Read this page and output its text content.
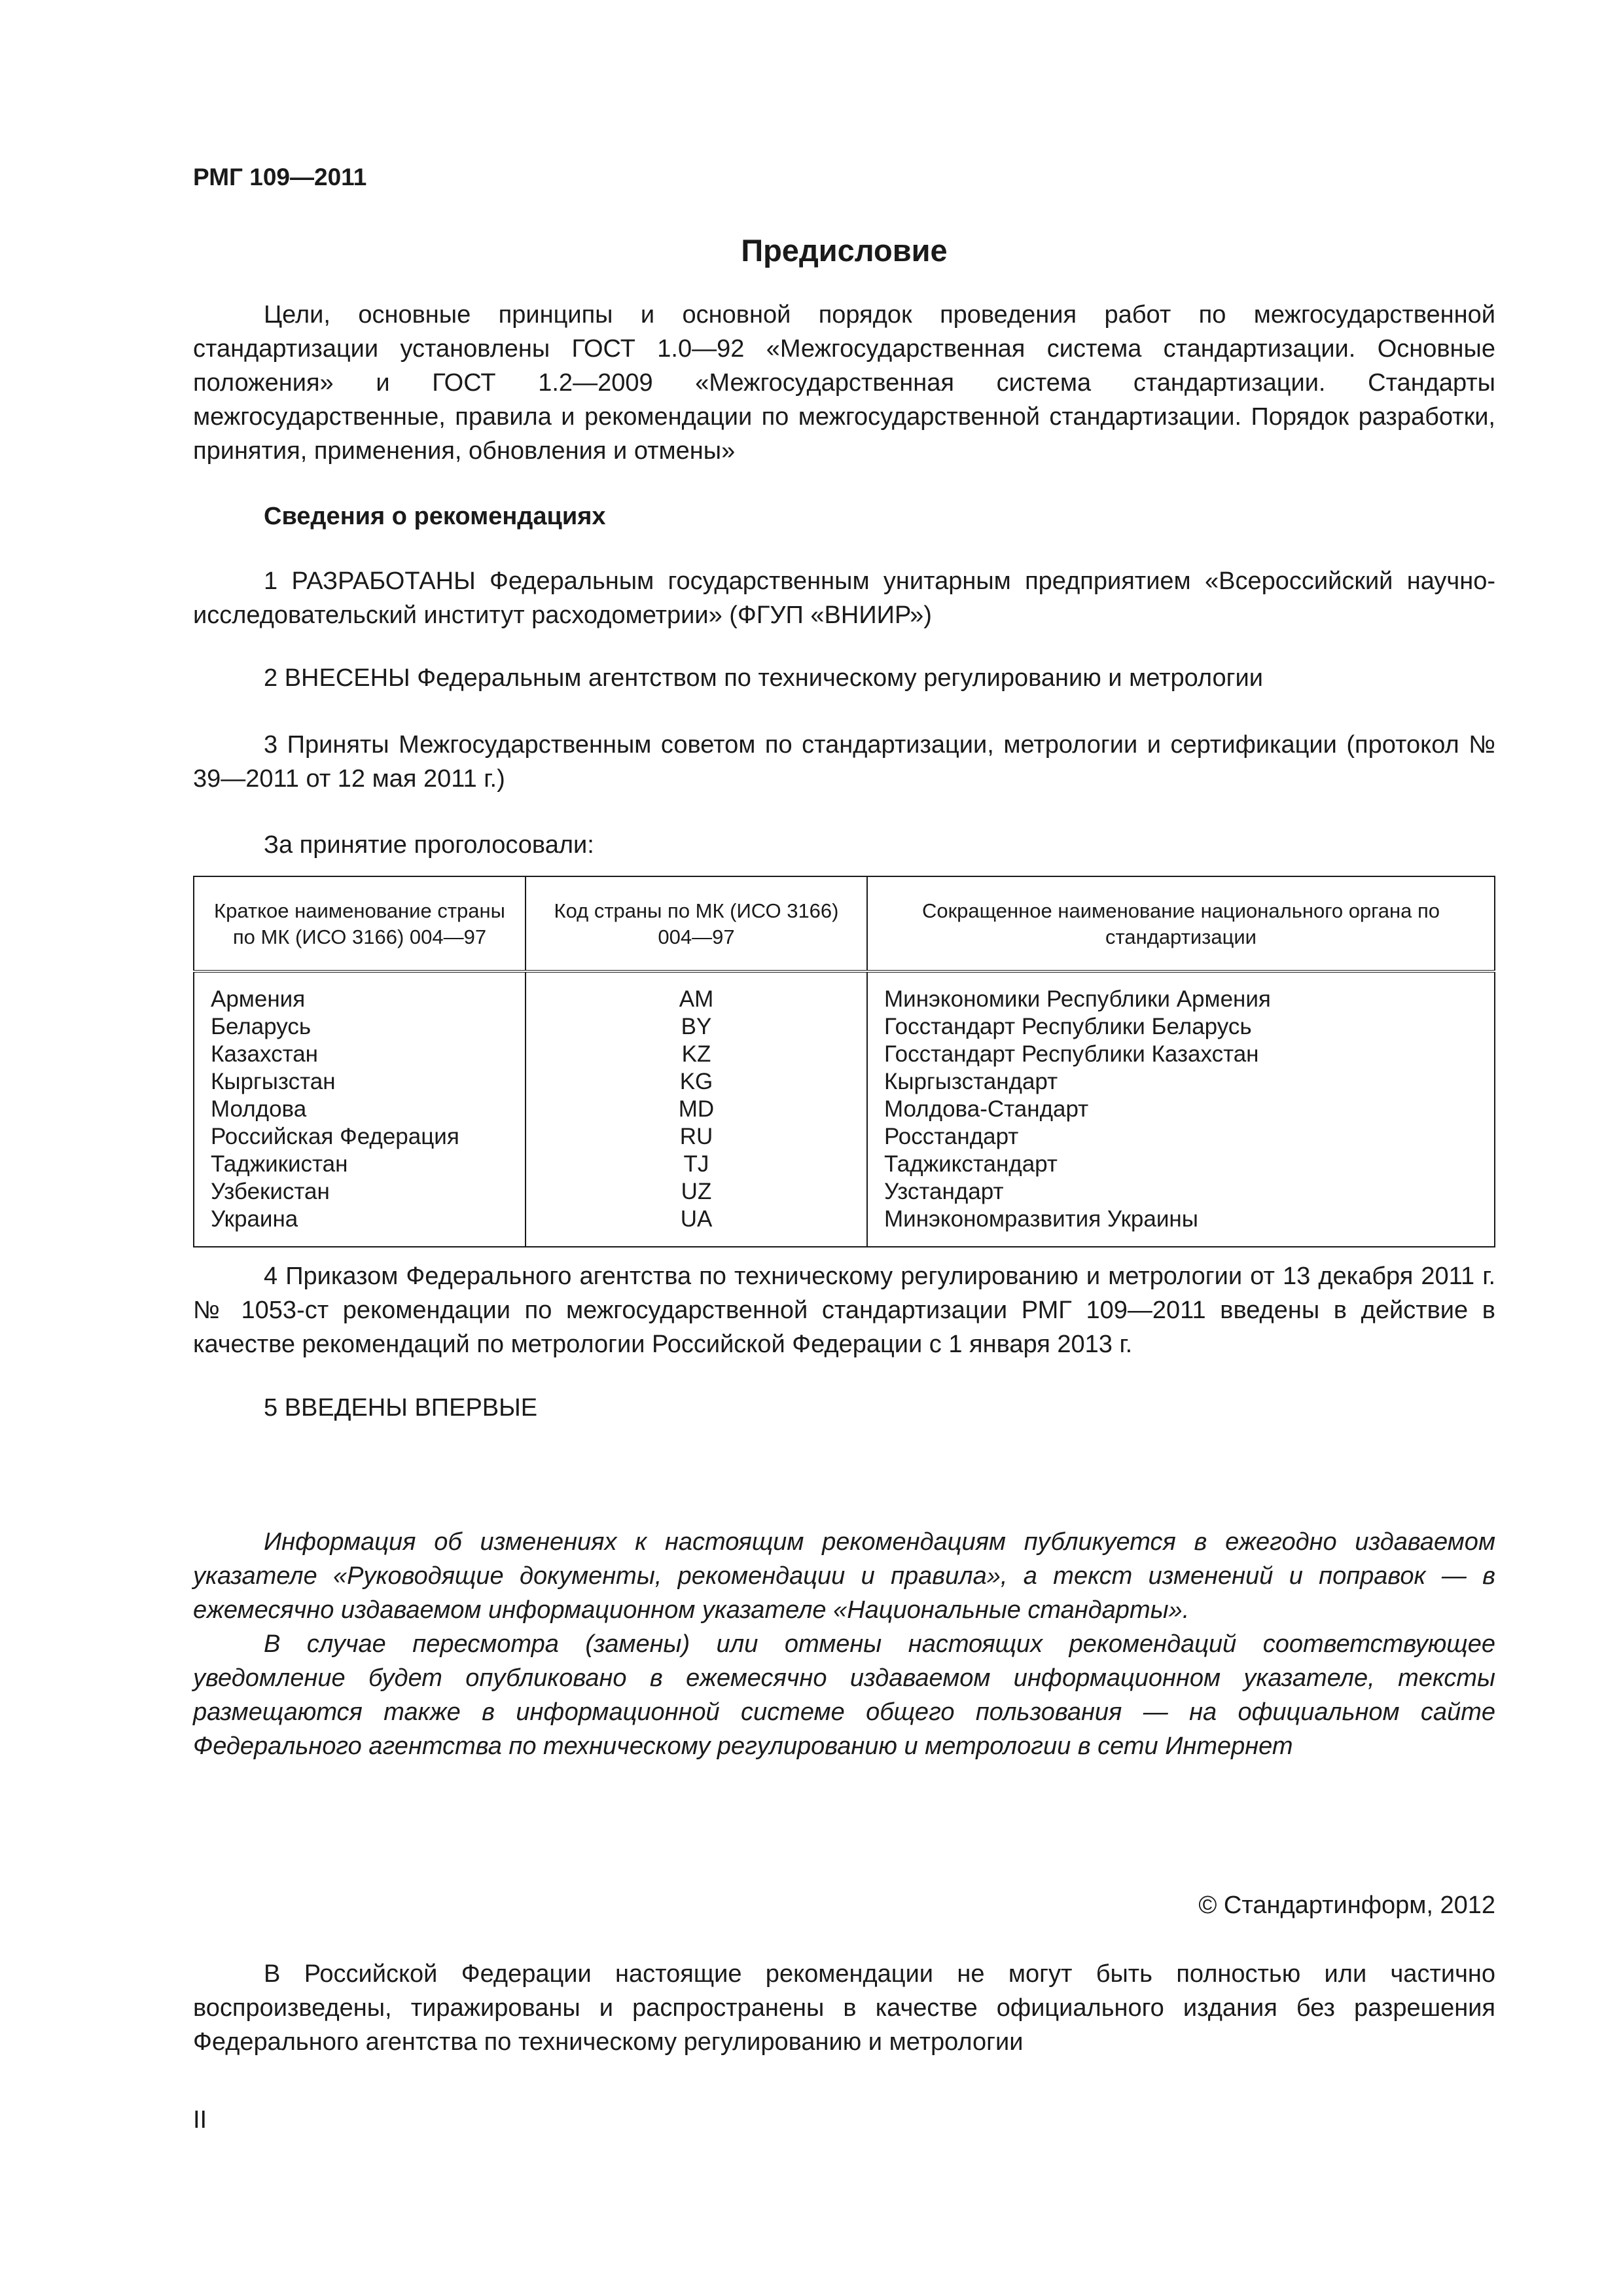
РМГ 109—2011
Предисловие

Цели, основные принципы и основной порядок проведения работ по межгосударственной стандартизации установлены ГОСТ 1.0—92 «Межгосударственная система стандартизации. Основные положения» и ГОСТ 1.2—2009 «Межгосударственная система стандартизации. Стандарты межгосударственные, правила и рекомендации по межгосударственной стандартизации. Порядок разработки, принятия, применения, обновления и отмены»

Сведения о рекомендациях

1 РАЗРАБОТАНЫ Федеральным государственным унитарным предприятием «Всероссийский научно-исследовательский институт расходометрии» (ФГУП «ВНИИР»)

2 ВНЕСЕНЫ Федеральным агентством по техническому регулированию и метрологии

3 Приняты Межгосударственным советом по стандартизации, метрологии и сертификации (протокол № 39—2011 от 12 мая 2011 г.)

За принятие проголосовали:
Краткое наименование страны по МК (ИСО 3166) 004—97	Код страны по МК (ИСО 3166) 004—97	Сокращенное наименование национального органа по стандартизации
Армения	AM	Минэкономики Республики Армения
Беларусь	BY	Госстандарт Республики Беларусь
Казахстан	KZ	Госстандарт Республики Казахстан
Кыргызстан	KG	Кыргызстандарт
Молдова	MD	Молдова-Стандарт
Российская Федерация	RU	Росстандарт
Таджикистан	TJ	Таджикстандарт
Узбекистан	UZ	Узстандарт
Украина	UA	Минэкономразвития Украины

4 Приказом Федерального агентства по техническому регулированию и метрологии от 13 декабря 2011 г. № 1053-ст рекомендации по межгосударственной стандартизации РМГ 109—2011 введены в действие в качестве рекомендаций по метрологии Российской Федерации с 1 января 2013 г.

5 ВВЕДЕНЫ ВПЕРВЫЕ

Информация об изменениях к настоящим рекомендациям публикуется в ежегодно издаваемом указателе «Руководящие документы, рекомендации и правила», а текст изменений и поправок — в ежемесячно издаваемом информационном указателе «Национальные стандарты».

В случае пересмотра (замены) или отмены настоящих рекомендаций соответствующее уведомление будет опубликовано в ежемесячно издаваемом информационном указателе, тексты размещаются также в информационной системе общего пользования — на официальном сайте Федерального агентства по техническому регулированию и метрологии в сети Интернет

© Стандартинформ, 2012

В Российской Федерации настоящие рекомендации не могут быть полностью или частично воспроизведены, тиражированы и распространены в качестве официального издания без разрешения Федерального агентства по техническому регулированию и метрологии

II
